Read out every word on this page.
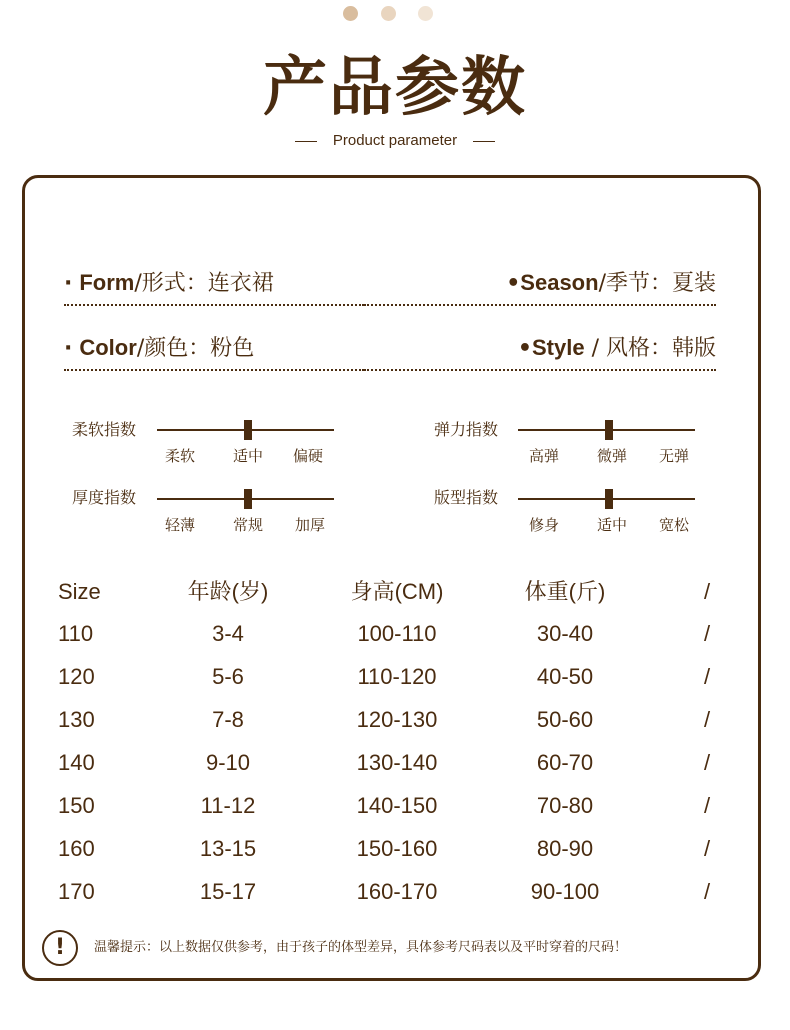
产品参数
Product parameter
· Form/形式：连衣裙	•Season/季节：夏装
· Color/颜色：粉色	•Style / 风格：韩版
柔软指数
柔软	适中	偏硬
弹力指数
高弹	微弹	无弹
厚度指数
轻薄	常规	加厚
版型指数
修身	适中	宽松
Size	年龄(岁)	身高(CM)	体重(斤)	/
110	3-4	100-110	30-40	/
120	5-6	110-120	40-50	/
130	7-8	120-130	50-60	/
140	9-10	130-140	60-70	/
150	11-12	140-150	70-80	/
160	13-15	150-160	80-90	/
170	15-17	160-170	90-100	/
!	温馨提示：以上数据仅供参考，由于孩子的体型差异，具体参考尺码表以及平时穿着的尺码！
